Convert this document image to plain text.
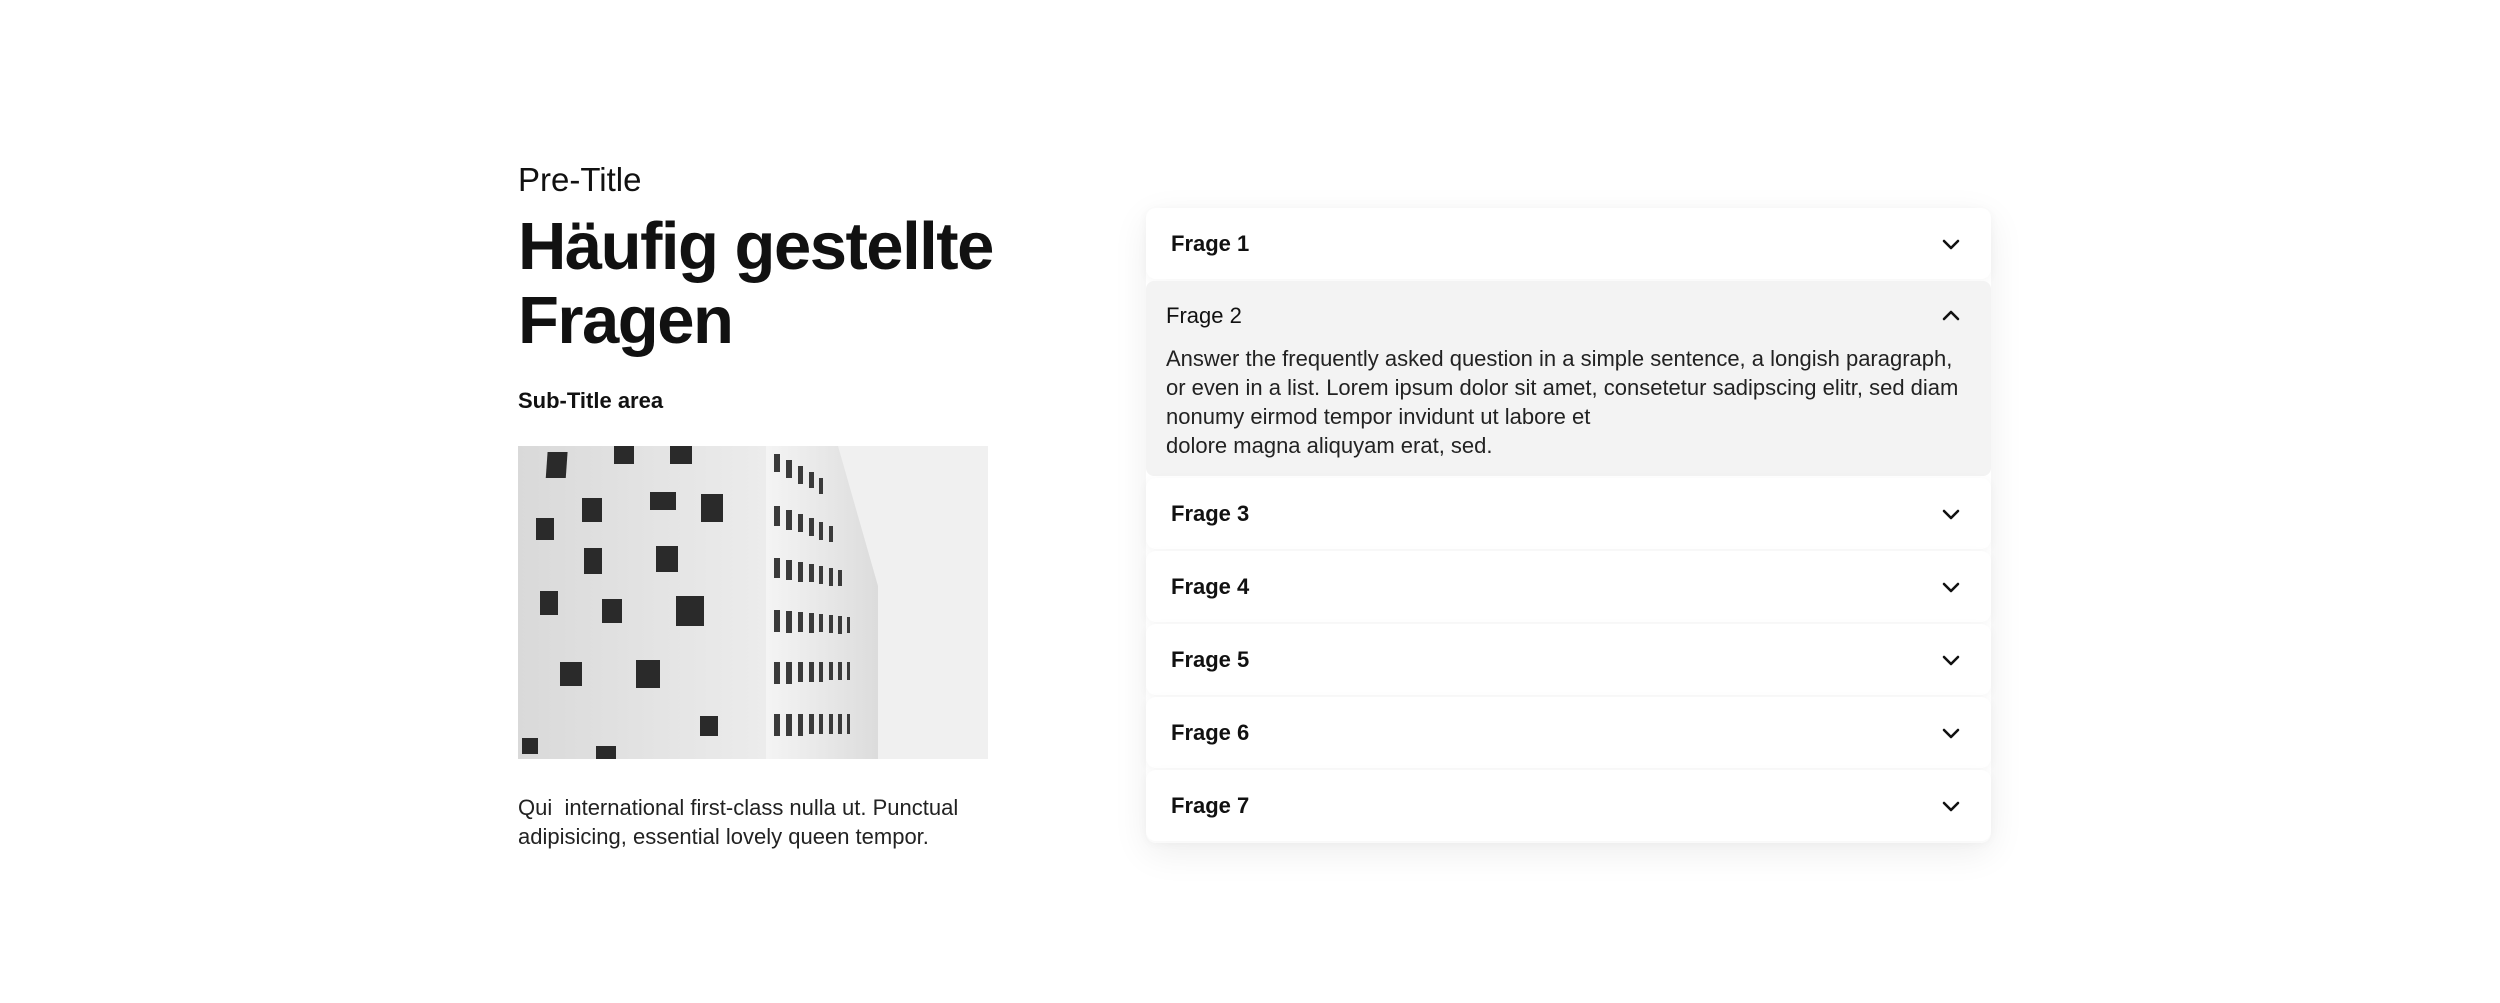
Pre-Title

Häufig gestellte Fragen

Sub-Title area

Qui  international first-class nulla ut. Punctual adipisicing, essential lovely queen tempor.
Frage 1
Frage 2
Answer the frequently asked question in a simple sentence, a longish paragraph, or even in a list. Lorem ipsum dolor sit amet, consetetur sadipscing elitr, sed diam nonumy eirmod tempor invidunt ut labore et
dolore magna aliquyam erat, sed.
Frage 3
Frage 4
Frage 5
Frage 6
Frage 7
